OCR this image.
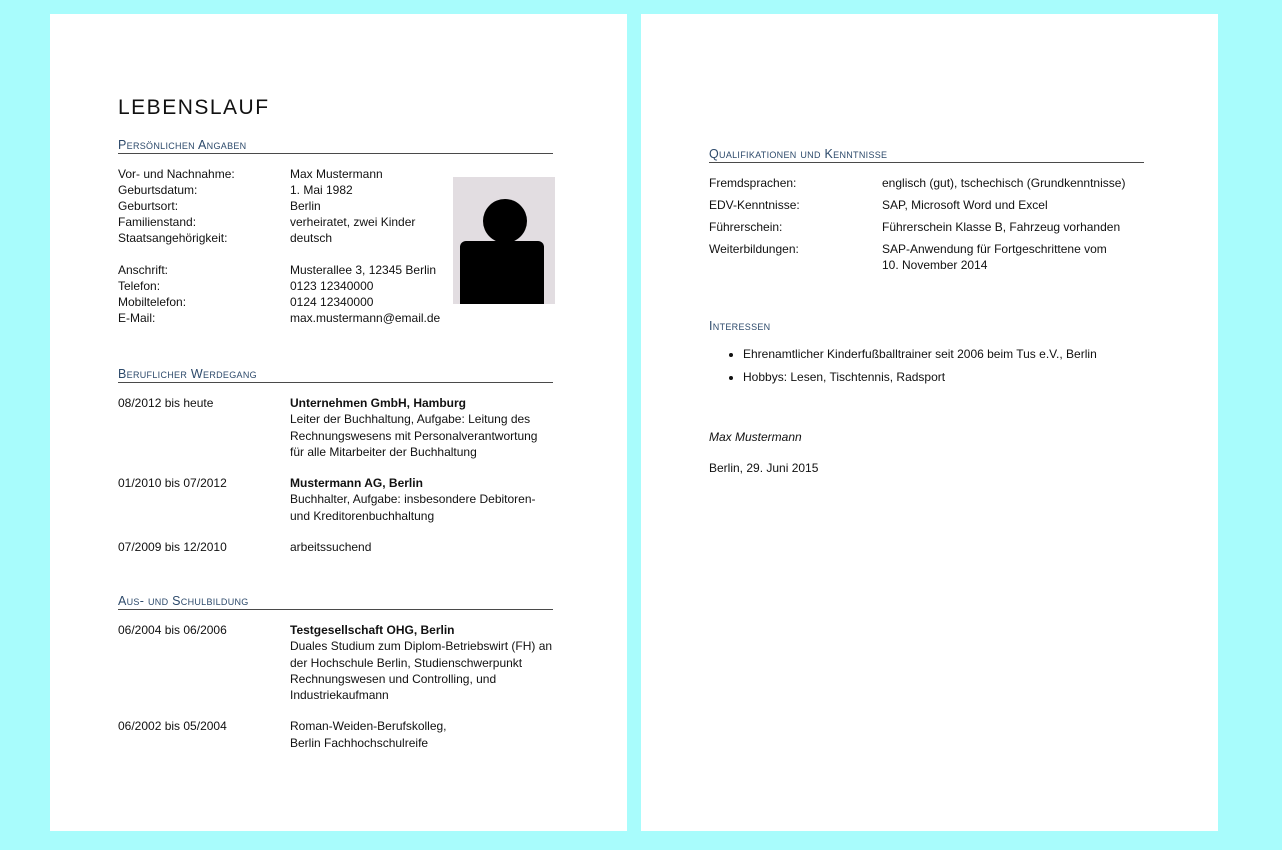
LEBENSLAUF
Persönlichen Angaben
Vor- und Nachnahme:	Max Mustermann
Geburtsdatum:	1. Mai 1982
Geburtsort:	Berlin
Familienstand:	verheiratet, zwei Kinder
Staatsangehörigkeit:	deutsch
Anschrift:	Musterallee 3, 12345 Berlin
Telefon:	0123 12340000
Mobiltelefon:	0124 12340000
E-Mail:	max.mustermann@email.de
Beruflicher Werdegang
08/2012 bis heute	Unternehmen GmbH, Hamburg
Leiter der Buchhaltung, Aufgabe: Leitung des Rechnungswesens mit Personalverantwortung für alle Mitarbeiter der Buchhaltung
01/2010 bis 07/2012	Mustermann AG, Berlin
Buchhalter, Aufgabe: insbesondere Debitoren- und Kreditorenbuchhaltung
07/2009 bis 12/2010	arbeitssuchend
Aus- und Schulbildung
06/2004 bis 06/2006	Testgesellschaft OHG, Berlin
Duales Studium zum Diplom-Betriebswirt (FH) an der Hochschule Berlin, Studienschwerpunkt Rechnungswesen und Controlling, und Industriekaufmann
06/2002 bis 05/2004	Roman-Weiden-Berufskolleg, Berlin Fachhochschulreife
Qualifikationen und Kenntnisse
Fremdsprachen:	englisch (gut), tschechisch (Grundkenntnisse)
EDV-Kenntnisse:	SAP, Microsoft Word und Excel
Führerschein:	Führerschein Klasse B, Fahrzeug vorhanden
Weiterbildungen:	SAP-Anwendung für Fortgeschrittene vom 10. November 2014
Interessen
• Ehrenamtlicher Kinderfußballtrainer seit 2006 beim Tus e.V., Berlin
• Hobbys: Lesen, Tischtennis, Radsport
Max Mustermann
Berlin, 29. Juni 2015
